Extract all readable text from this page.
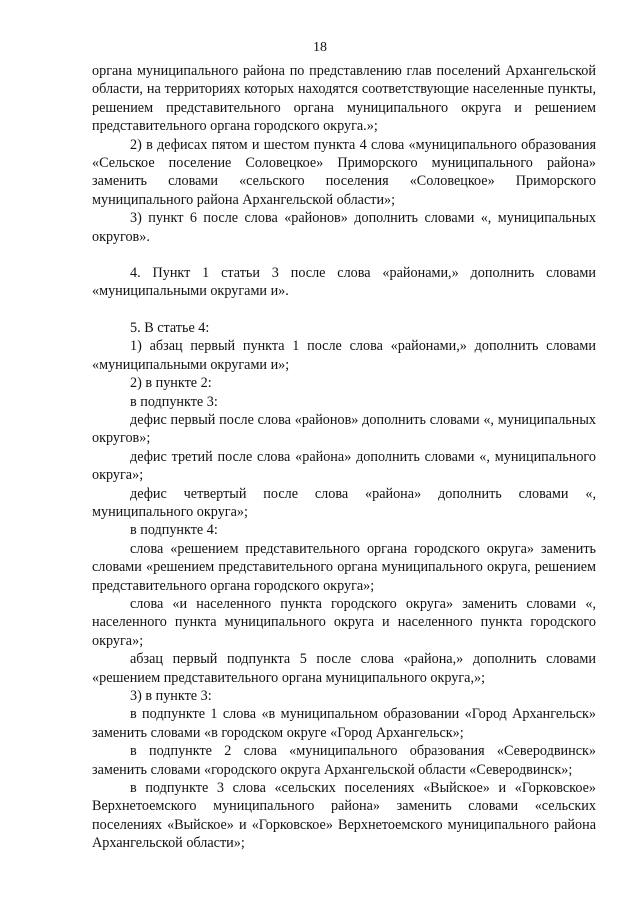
18

органа муниципального района по представлению глав поселений Архангельской области, на территориях которых находятся соответствующие населенные пункты, решением представительного органа муниципального округа и решением представительного органа городского округа.»;

2) в дефисах пятом и шестом пункта 4 слова «муниципального образования «Сельское поселение Соловецкое» Приморского муниципального района» заменить словами «сельского поселения «Соловецкое» Приморского муниципального района Архангельской области»;

3) пункт 6 после слова «районов» дополнить словами «, муниципальных округов».

4. Пункт 1 статьи 3 после слова «районами,» дополнить словами «муниципальными округами и».

5. В статье 4:

1) абзац первый пункта 1 после слова «районами,» дополнить словами «муниципальными округами и»;

2) в пункте 2:

в подпункте 3:

дефис первый после слова «районов» дополнить словами «, муниципальных округов»;

дефис третий после слова «района» дополнить словами «, муниципального округа»;

дефис четвертый после слова «района» дополнить словами «, муниципального округа»;

в подпункте 4:

слова «решением представительного органа городского округа» заменить словами «решением представительного органа муниципального округа, решением представительного органа городского округа»;

слова «и населенного пункта городского округа» заменить словами «, населенного пункта муниципального округа и населенного пункта городского округа»;

абзац первый подпункта 5 после слова «района,» дополнить словами «решением представительного органа муниципального округа,»;

3) в пункте 3:

в подпункте 1 слова «в муниципальном образовании «Город Архангельск» заменить словами «в городском округе «Город Архангельск»;

в подпункте 2 слова «муниципального образования «Северодвинск» заменить словами «городского округа Архангельской области «Северодвинск»;

в подпункте 3 слова «сельских поселениях «Выйское» и «Горковское» Верхнетоемского муниципального района» заменить словами «сельских поселениях «Выйское» и «Горковское» Верхнетоемского муниципального района Архангельской области»;
